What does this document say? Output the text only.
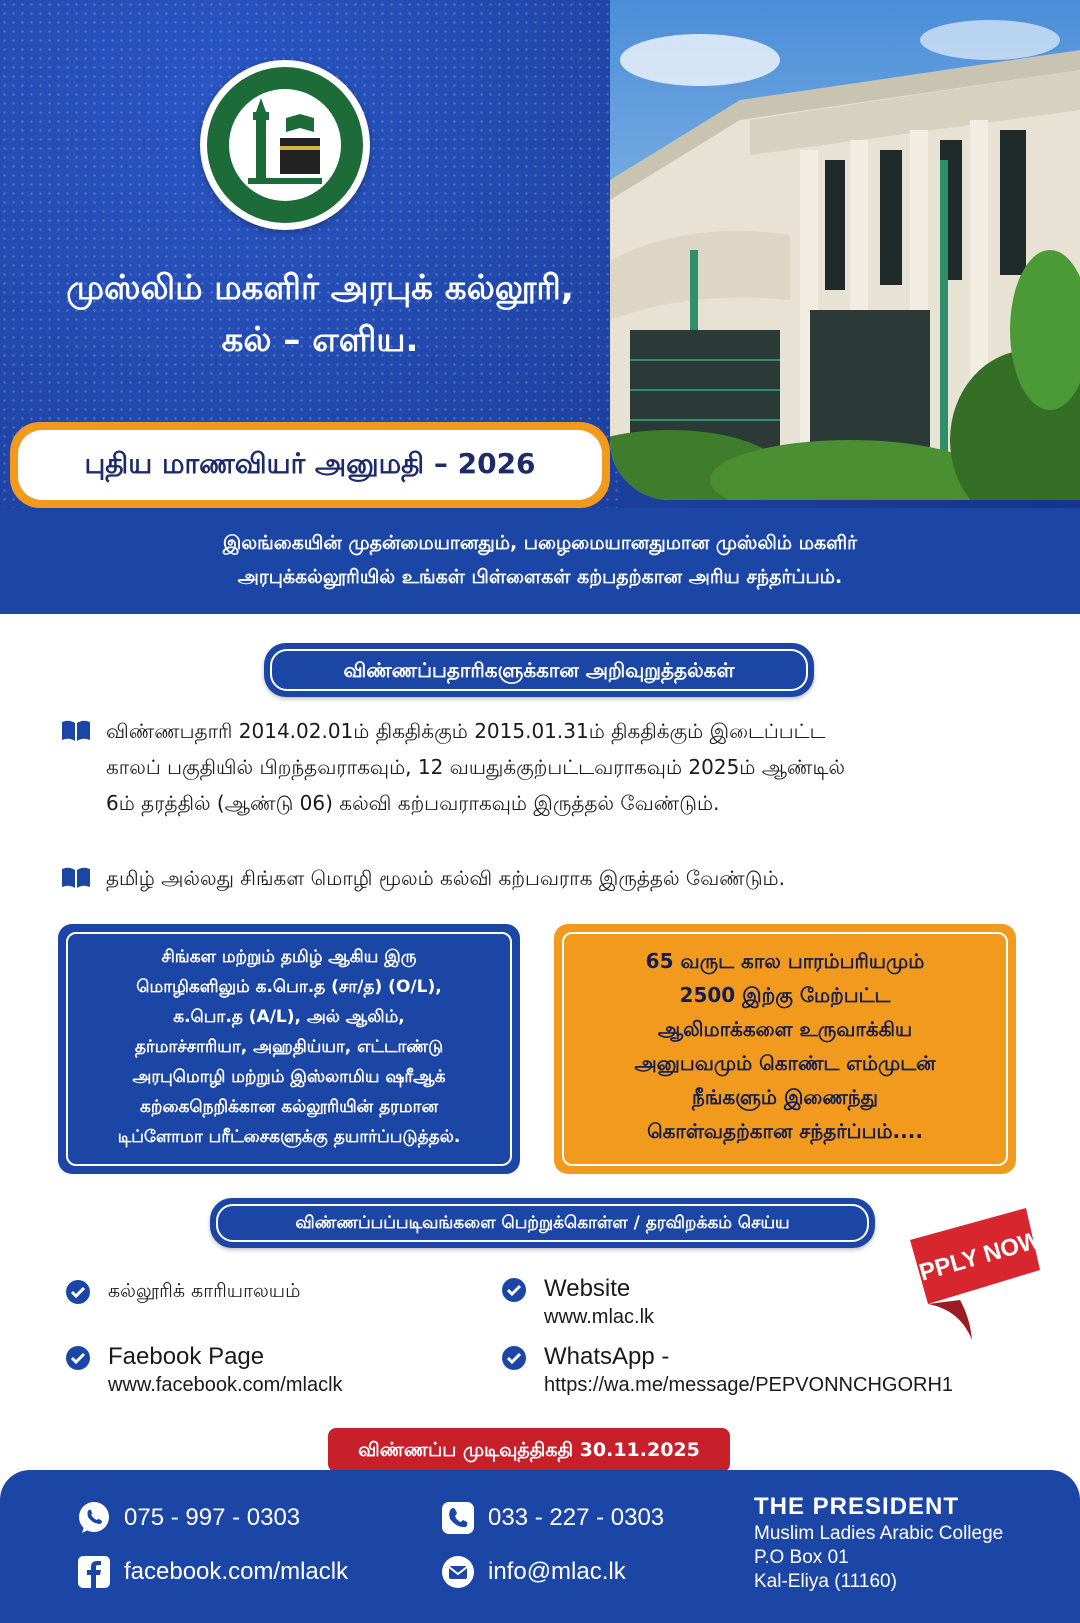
முஸ்லிம் மகளிர் அரபுக் கல்லூரி,
கல் – எளிய.
புதிய மாணவியர் அனுமதி – 2026
இலங்கையின் முதன்மையானதும், பழைமையானதுமான முஸ்லிம் மகளிர்
அரபுக்கல்லூரியில் உங்கள் பிள்ளைகள் கற்பதற்கான அரிய சந்தர்ப்பம்.
விண்ணப்பதாரிகளுக்கான அறிவுறுத்தல்கள்
விண்ணபதாரி 2014.02.01ம் திகதிக்கும் 2015.01.31ம் திகதிக்கும் இடைப்பட்ட
காலப் பகுதியில் பிறந்தவராகவும், 12 வயதுக்குற்பட்டவராகவும் 2025ம் ஆண்டில்
6ம் தரத்தில் (ஆண்டு 06) கல்வி கற்பவராகவும் இருத்தல் வேண்டும்.
தமிழ் அல்லது சிங்கள மொழி மூலம் கல்வி கற்பவராக இருத்தல் வேண்டும்.
சிங்கள மற்றும் தமிழ் ஆகிய இரு
மொழிகளிலும் க.பொ.த (சா/த) (O/L),
க.பொ.த (A/L), அல் ஆலிம்,
தர்மாச்சாரியா, அஹதிய்யா, எட்டாண்டு
அரபுமொழி மற்றும் இஸ்லாமிய ஷரீஆக்
கற்கைநெறிக்கான கல்லூரியின் தரமான
டிப்ளோமா பரீட்சைகளுக்கு தயார்ப்படுத்தல்.
65 வருட கால பாரம்பரியமும்
2500 இற்கு மேற்பட்ட
ஆலிமாக்களை உருவாக்கிய
அனுபவமும் கொண்ட எம்முடன்
நீங்களும் இணைந்து
கொள்வதற்கான சந்தர்ப்பம்....
விண்ணப்பப்படிவங்களை பெற்றுக்கொள்ள / தரவிறக்கம் செய்ய
APPLY NOW
கல்லூரிக் காரியாலயம்	Website
www.mlac.lk
Faebook Page
www.facebook.com/mlaclk
WhatsApp -
https://wa.me/message/PEPVONNCHGORH1
விண்ணப்ப முடிவுத்திகதி 30.11.2025
075 - 997 - 0303
facebook.com/mlaclk
033 - 227 - 0303
info@mlac.lk
THE PRESIDENT
Muslim Ladies Arabic College
P.O Box 01
Kal-Eliya (11160)
